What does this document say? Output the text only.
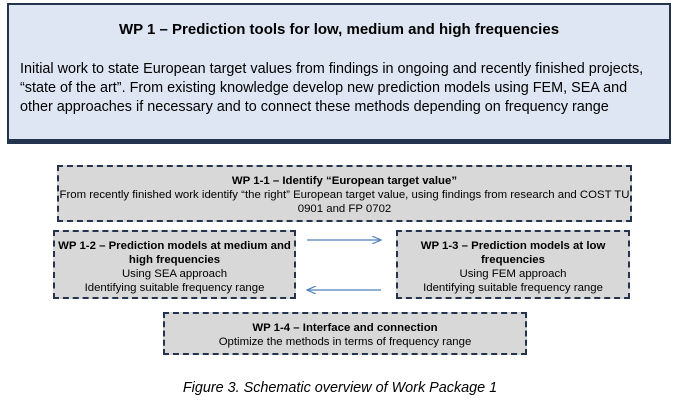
WP 1 – Prediction tools for low, medium and high frequencies
Initial work to state European target values from findings in ongoing and recently finished projects, “state of the art”. From existing knowledge develop new prediction models using FEM, SEA and other approaches if necessary and to connect these methods depending on frequency range
WP 1-1 – Identify “European target value”
From recently finished work identify “the right” European target value, using findings from research and COST TU 0901 and FP 0702
WP 1-2 – Prediction models at medium and high frequencies
Using SEA approach
Identifying suitable frequency range
WP 1-3 – Prediction models at low frequencies
Using FEM approach
Identifying suitable frequency range
WP 1-4 – Interface and connection
Optimize the methods in terms of frequency range
Figure 3. Schematic overview of Work Package 1
